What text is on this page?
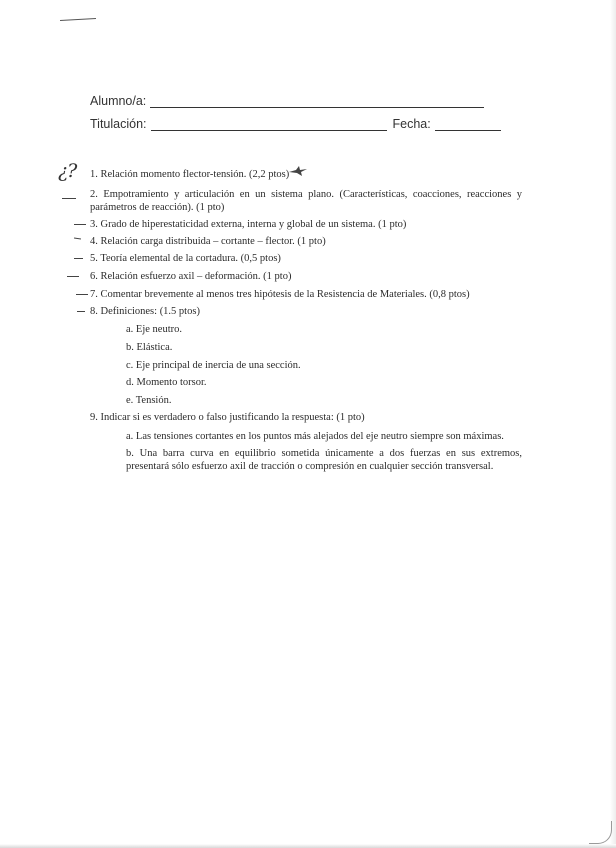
Alumno/a:
Titulación:	Fecha:
¿? 1. Relación momento flector-tensión. (2,2 ptos)
2. Empotramiento y articulación en un sistema plano. (Características, coacciones, reacciones y parámetros de reacción). (1 pto)
3. Grado de hiperestaticidad externa, interna y global de un sistema. (1 pto)
4. Relación carga distribuida – cortante – flector. (1 pto)
5. Teoría elemental de la cortadura. (0,5 ptos)
6. Relación esfuerzo axil – deformación. (1 pto)
7. Comentar brevemente al menos tres hipótesis de la Resistencia de Materiales. (0,8 ptos)
8. Definiciones: (1.5 ptos)
a. Eje neutro.
b. Elástica.
c. Eje principal de inercia de una sección.
d. Momento torsor.
e. Tensión.
9. Indicar si es verdadero o falso justificando la respuesta: (1 pto)
a. Las tensiones cortantes en los puntos más alejados del eje neutro siempre son máximas.
b. Una barra curva en equilibrio sometida únicamente a dos fuerzas en sus extremos, presentará sólo esfuerzo axil de tracción o compresión en cualquier sección transversal.
